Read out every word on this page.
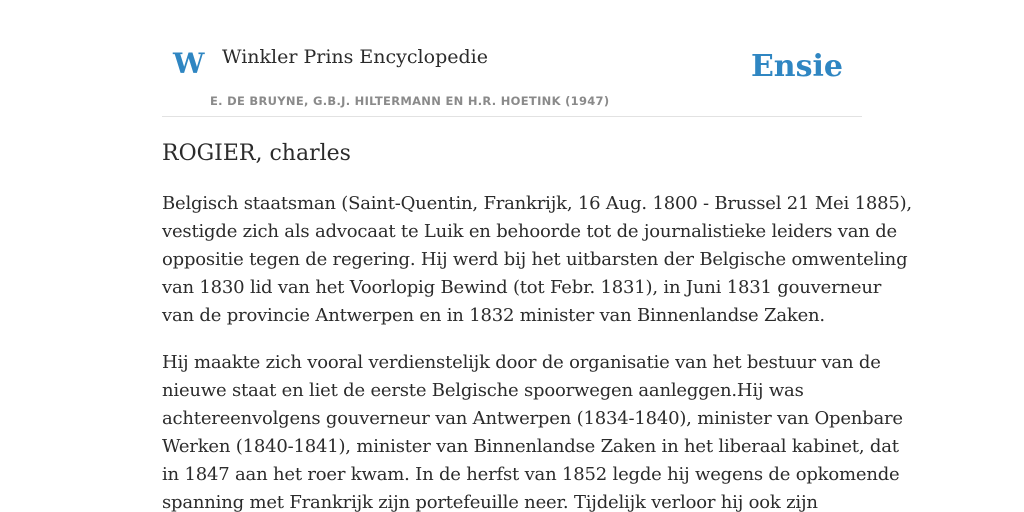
W Winkler Prins Encyclopedie
E. DE BRUYNE, G.B.J. HILTERMANN EN H.R. HOETINK (1947)
Ensie
ROGIER, charles

Belgisch staatsman (Saint-Quentin, Frankrijk, 16 Aug. 1800 - Brussel 21 Mei 1885),
vestigde zich als advocaat te Luik en behoorde tot de journalistieke leiders van de
oppositie tegen de regering. Hij werd bij het uitbarsten der Belgische omwenteling
van 1830 lid van het Voorlopig Bewind (tot Febr. 1831), in Juni 1831 gouverneur
van de provincie Antwerpen en in 1832 minister van Binnenlandse Zaken.

Hij maakte zich vooral verdienstelijk door de organisatie van het bestuur van de
nieuwe staat en liet de eerste Belgische spoorwegen aanleggen.Hij was
achtereenvolgens gouverneur van Antwerpen (1834-1840), minister van Openbare
Werken (1840-1841), minister van Binnenlandse Zaken in het liberaal kabinet, dat
in 1847 aan het roer kwam. In de herfst van 1852 legde hij wegens de opkomende
spanning met Frankrijk zijn portefeuille neer. Tijdelijk verloor hij ook zijn
